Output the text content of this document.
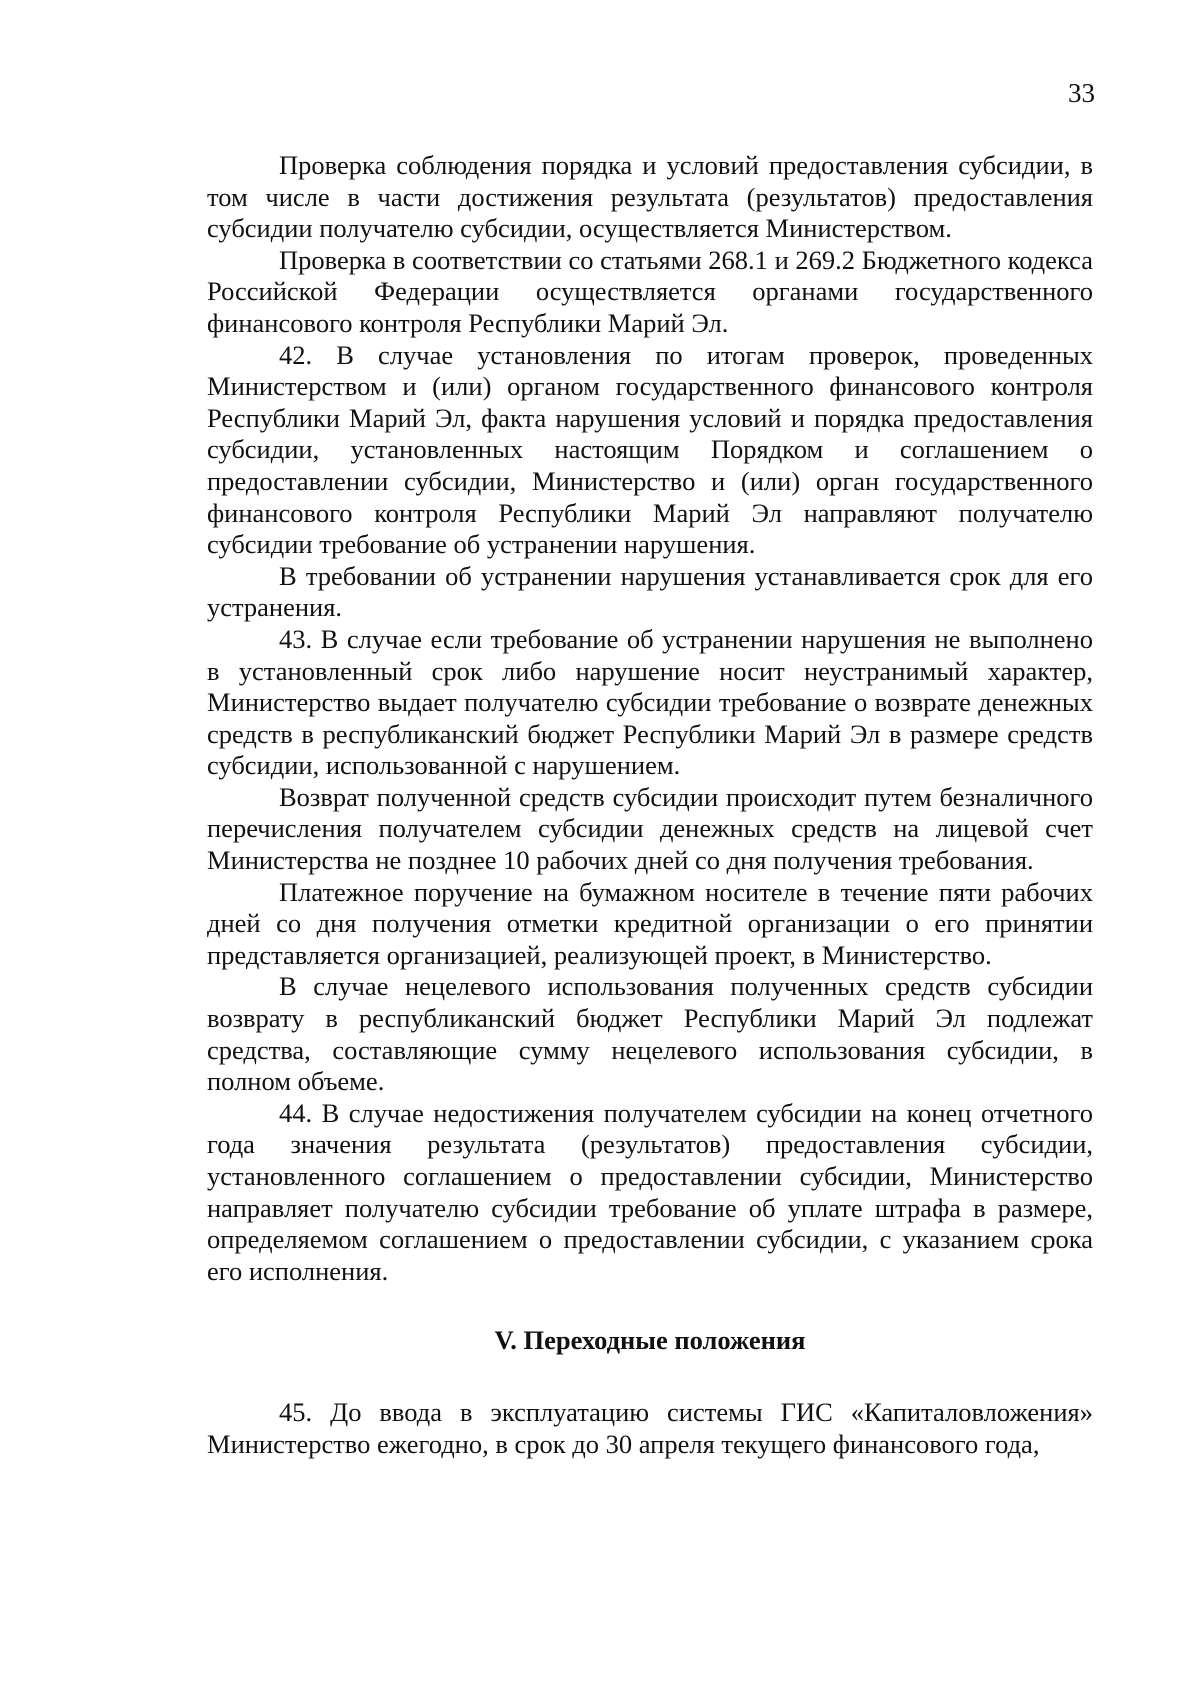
33

Проверка соблюдения порядка и условий предоставления субсидии, в том числе в части достижения результата (результатов) предоставления субсидии получателю субсидии, осуществляется Министерством.

Проверка в соответствии со статьями 268.1 и 269.2 Бюджетного кодекса Российской Федерации осуществляется органами государственного финансового контроля Республики Марий Эл.

42. В случае установления по итогам проверок, проведенных Министерством и (или) органом государственного финансового контроля Республики Марий Эл, факта нарушения условий и порядка предоставления субсидии, установленных настоящим Порядком и соглашением о предоставлении субсидии, Министерство и (или) орган государственного финансового контроля Республики Марий Эл направляют получателю субсидии требование об устранении нарушения.

В требовании об устранении нарушения устанавливается срок для его устранения.

43. В случае если требование об устранении нарушения не выполнено в установленный срок либо нарушение носит неустранимый характер, Министерство выдает получателю субсидии требование о возврате денежных средств в республиканский бюджет Республики Марий Эл в размере средств субсидии, использованной с нарушением.

Возврат полученной средств субсидии происходит путем безналичного перечисления получателем субсидии денежных средств на лицевой счет Министерства не позднее 10 рабочих дней со дня получения требования.

Платежное поручение на бумажном носителе в течение пяти рабочих дней со дня получения отметки кредитной организации о его принятии представляется организацией, реализующей проект, в Министерство.

В случае нецелевого использования полученных средств субсидии возврату в республиканский бюджет Республики Марий Эл подлежат средства, составляющие сумму нецелевого использования субсидии, в полном объеме.

44. В случае недостижения получателем субсидии на конец отчетного года значения результата (результатов) предоставления субсидии, установленного соглашением о предоставлении субсидии, Министерство направляет получателю субсидии требование об уплате штрафа в размере, определяемом соглашением о предоставлении субсидии, с указанием срока его исполнения.

V. Переходные положения

45. До ввода в эксплуатацию системы ГИС «Капиталовложения» Министерство ежегодно, в срок до 30 апреля текущего финансового года,
